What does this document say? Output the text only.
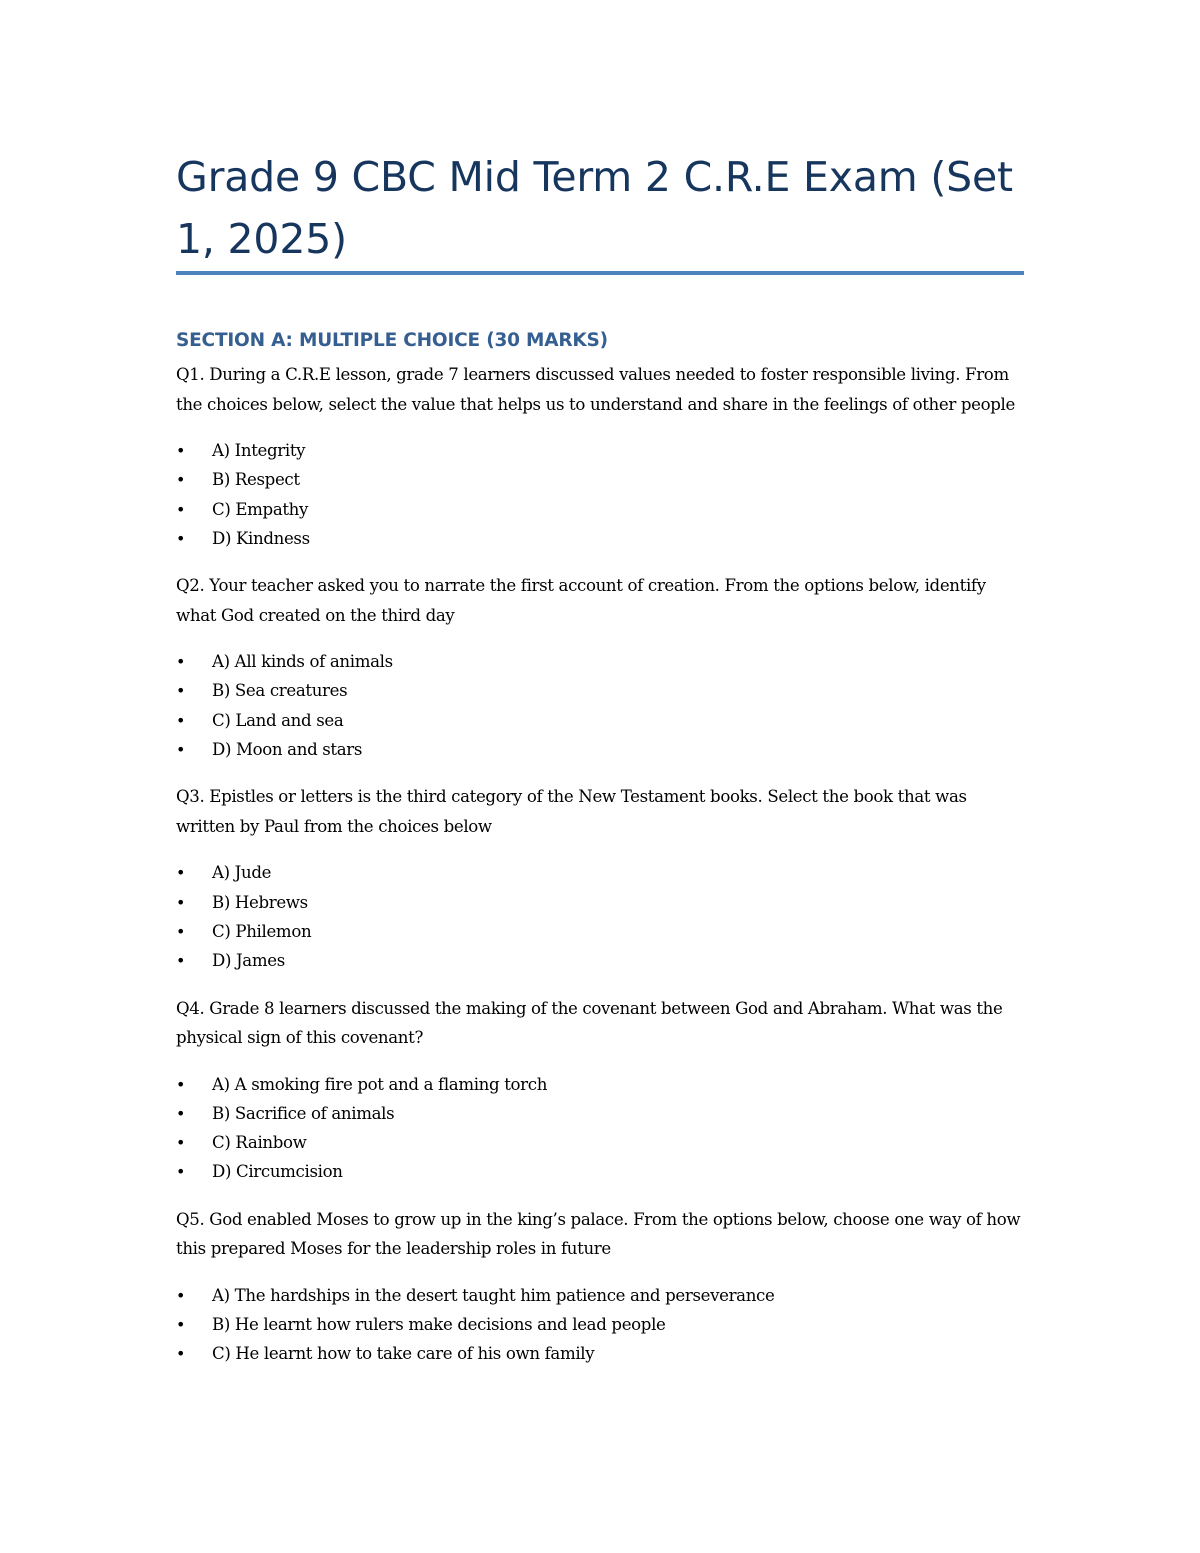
Grade 9 CBC Mid Term 2 C.R.E Exam (Set 1, 2025)
SECTION A: MULTIPLE CHOICE (30 MARKS)

Q1. During a C.R.E lesson, grade 7 learners discussed values needed to foster responsible living. From the choices below, select the value that helps us to understand and share in the feelings of other people

• A) Integrity
• B) Respect
• C) Empathy
• D) Kindness

Q2. Your teacher asked you to narrate the first account of creation. From the options below, identify what God created on the third day

• A) All kinds of animals
• B) Sea creatures
• C) Land and sea
• D) Moon and stars

Q3. Epistles or letters is the third category of the New Testament books. Select the book that was written by Paul from the choices below

• A) Jude
• B) Hebrews
• C) Philemon
• D) James

Q4. Grade 8 learners discussed the making of the covenant between God and Abraham. What was the physical sign of this covenant?

• A) A smoking fire pot and a flaming torch
• B) Sacrifice of animals
• C) Rainbow
• D) Circumcision

Q5. God enabled Moses to grow up in the king’s palace. From the options below, choose one way of how this prepared Moses for the leadership roles in future

• A) The hardships in the desert taught him patience and perseverance
• B) He learnt how rulers make decisions and lead people
• C) He learnt how to take care of his own family
